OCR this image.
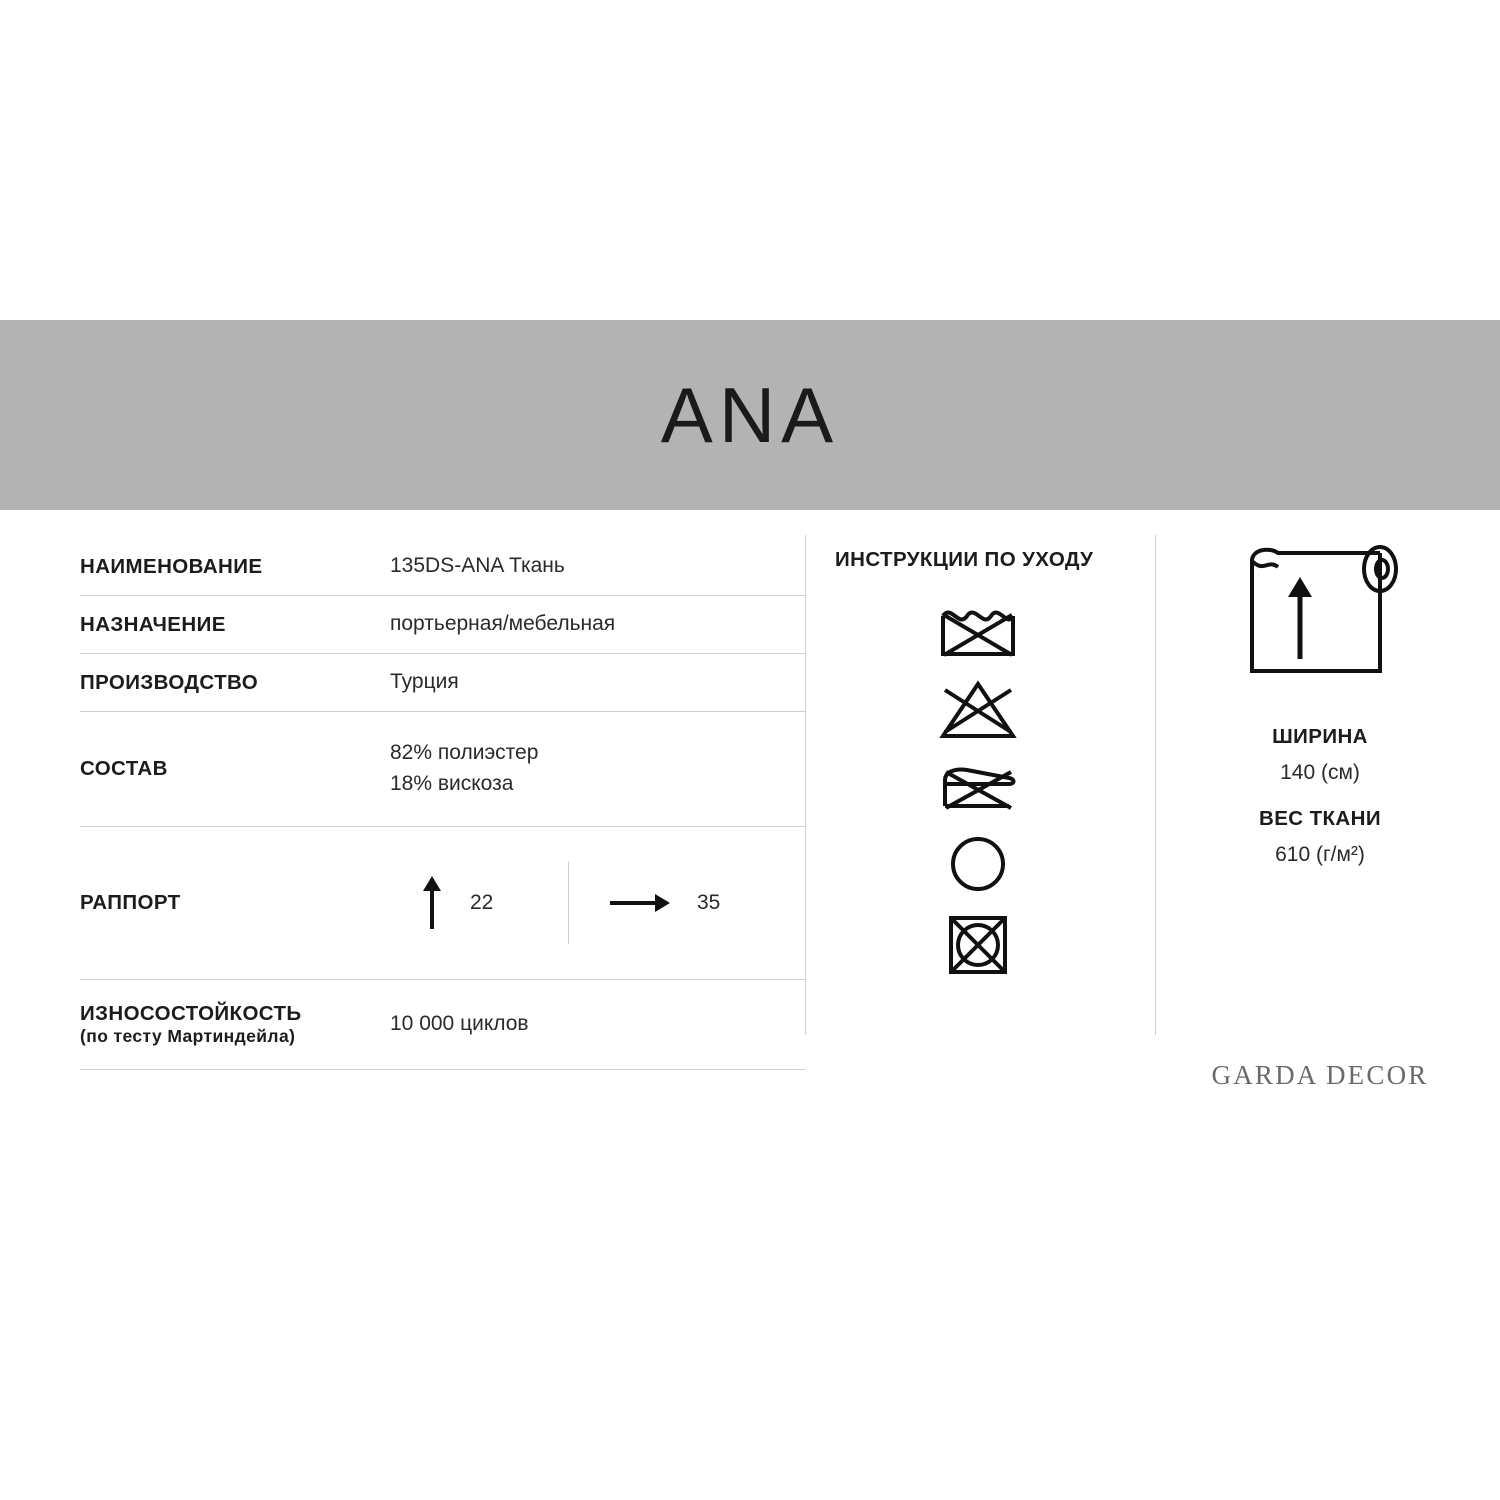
ANA
НАИМЕНОВАНИЕ	135DS-ANA Ткань

НАЗНАЧЕНИЕ	портьерная/мебельная

ПРОИЗВОДСТВО	Турция

СОСТАВ	82% полиэстер
18% вискоза

РАППОРТ	22 35

ИЗНОСОСТОЙКОСТЬ
(по тесту Мартиндейла)	10 000 циклов
ИНСТРУКЦИИ ПО УХОДУ
ШИРИНА
140 (см)
ВЕС ТКАНИ
610 (г/м²)
GARDA DECOR
